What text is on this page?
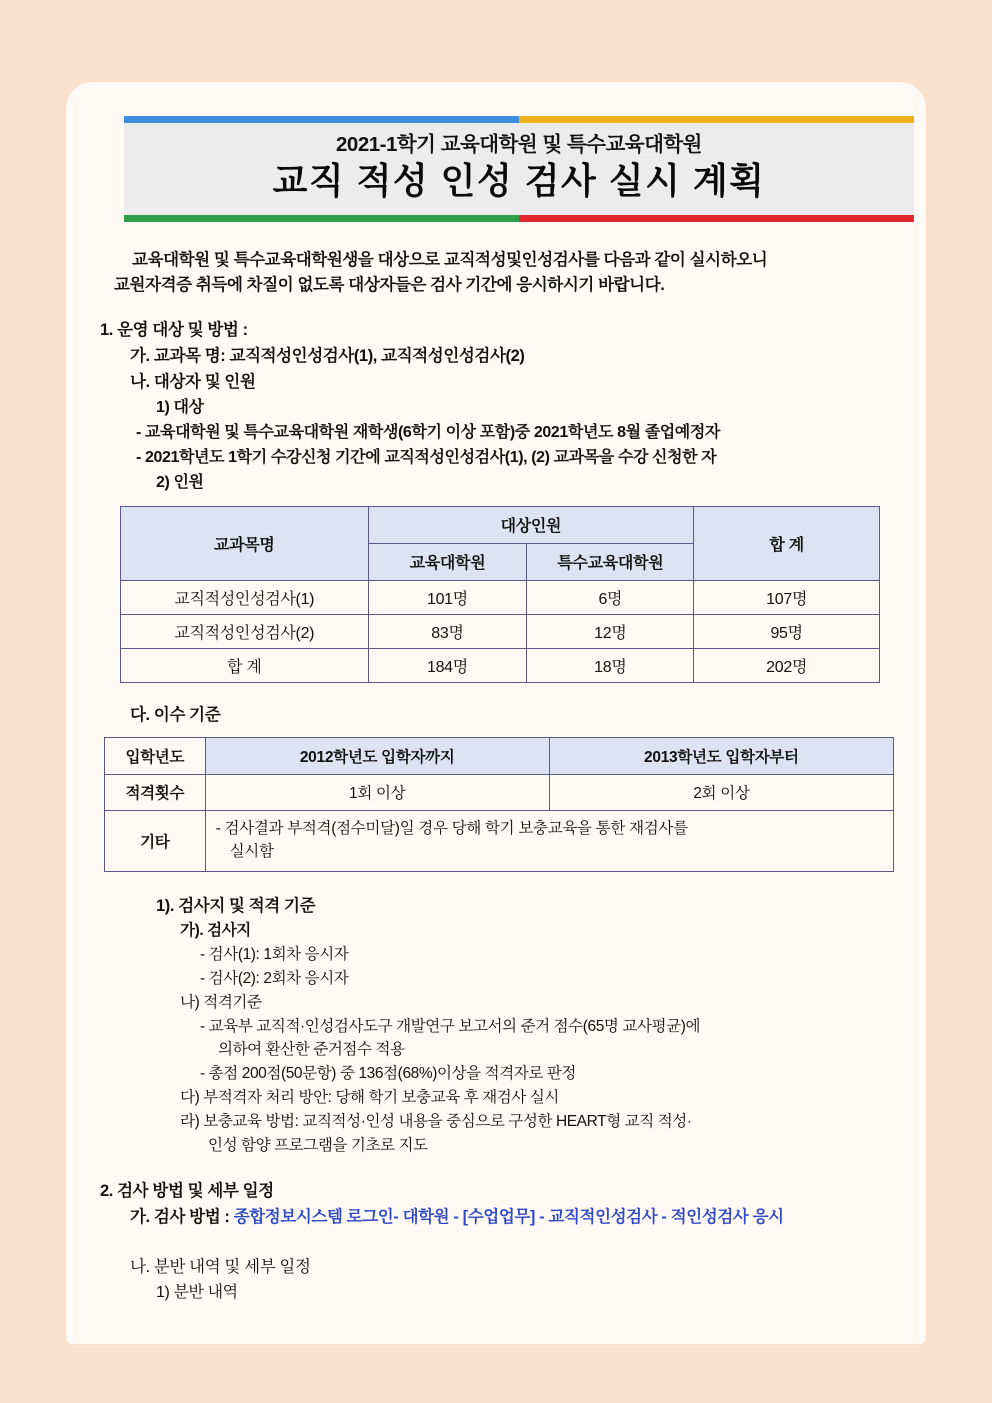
2021-1학기 교육대학원 및 특수교육대학원
교직 적성 인성 검사 실시 계획
교육대학원 및 특수교육대학원생을 대상으로 교직적성및인성검사를 다음과 같이 실시하오니
교원자격증 취득에 차질이 없도록 대상자들은 검사 기간에 응시하시기 바랍니다.
1. 운영 대상 및 방법 :
가. 교과목 명: 교직적성인성검사(1), 교직적성인성검사(2)
나. 대상자 및 인원
1) 대상
- 교육대학원 및 특수교육대학원 재학생(6학기 이상 포함)중 2021학년도 8월 졸업예정자
- 2021학년도 1학기 수강신청 기간에 교직적성인성검사(1), (2) 교과목을 수강 신청한 자
2) 인원
교과목명	대상인원		합 계
	교육대학원	특수교육대학원	
교직적성인성검사(1)	101명	6명	107명
교직적성인성검사(2)	83명	12명	95명
합 계	184명	18명	202명
다. 이수 기준
입학년도	2012학년도 입학자까지	2013학년도 입학자부터
적격횟수	1회 이상	2회 이상
기타	- 검사결과 부적격(점수미달)일 경우 당해 학기 보충교육을 통한 재검사를
실시함	
1). 검사지 및 적격 기준
가). 검사지
- 검사(1): 1회차 응시자
- 검사(2): 2회차 응시자
나) 적격기준
- 교육부 교직적·인성검사도구 개발연구 보고서의 준거 점수(65명 교사평균)에
의하여 환산한 준거점수 적용
- 총점 200점(50문항) 중 136점(68%)이상을 적격자로 판정
다) 부적격자 처리 방안: 당해 학기 보충교육 후 재검사 실시
라) 보충교육 방법: 교직적성·인성 내용을 중심으로 구성한 HEART형 교직 적성·
인성 함양 프로그램을 기초로 지도
2. 검사 방법 및 세부 일정
가. 검사 방법 : 종합정보시스템 로그인- 대학원 - [수업업무] - 교직적인성검사 - 적인성검사 응시
나. 분반 내역 및 세부 일정
1) 분반 내역
